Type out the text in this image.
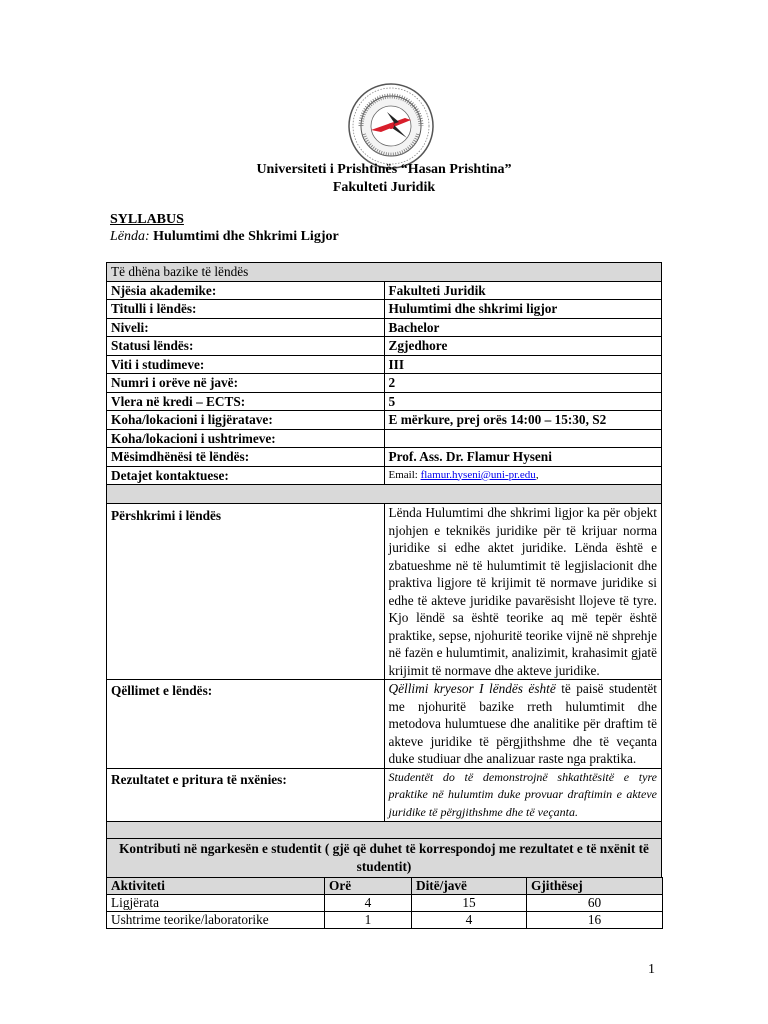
Universiteti i Prishtinës “Hasan Prishtina”
Fakulteti Juridik
SYLLABUS
Lënda: Hulumtimi dhe Shkrimi Ligjor
Të dhëna bazike të lëndës	
Njësia akademike:	Fakulteti Juridik
Titulli i lëndës:	Hulumtimi dhe shkrimi ligjor
Niveli:	Bachelor
Statusi lëndës:	Zgjedhore
Viti i studimeve:	III
Numri i orëve në javë:	2
Vlera në kredi – ECTS:	5
Koha/lokacioni i ligjëratave:	E mërkure, prej orës 14:00 – 15:30, S2
Koha/lokacioni i ushtrimeve:	
Mësimdhënësi të lëndës:	Prof. Ass. Dr. Flamur Hyseni
Detajet kontaktuese:	Email: flamur.hyseni@uni-pr.edu,

Përshkrimi i lëndës	Lënda Hulumtimi dhe shkrimi ligjor ka për objekt njohjen e teknikës juridike për të krijuar norma juridike si edhe aktet juridike. Lënda është e zbatueshme në të hulumtimit të legjislacionit dhe praktiva ligjore të krijimit të normave juridike si edhe të akteve juridike pavarësisht llojeve të tyre. Kjo lëndë sa është teorike aq më tepër është praktike, sepse, njohuritë teorike vijnë në shprehje në fazën e hulumtimit, analizimit, krahasimit gjatë krijimit të normave dhe akteve juridike.
Qëllimet e lëndës:	Qëllimi kryesor I lëndës është të paisë studentët me njohuritë bazike rreth hulumtimit dhe metodova hulumtuese dhe analitike për draftim të akteve juridike të përgjithshme dhe të veçanta duke studiuar dhe analizuar raste nga praktika.
Rezultatet e pritura të nxënies:	Studentët do të demonstrojnë shkathtësitë e tyre praktike në hulumtim duke provuar draftimin e akteve juridike të përgjithshme dhe të veçanta.

Kontributi në ngarkesën e studentit ( gjë që duhet të korrespondoj me rezultatet e të nxënit të studentit)	
Aktiviteti	Orë	Ditë/javë	Gjithësej
Ligjërata	4	15	60
Ushtrime teorike/laboratorike	1	4	16
1
